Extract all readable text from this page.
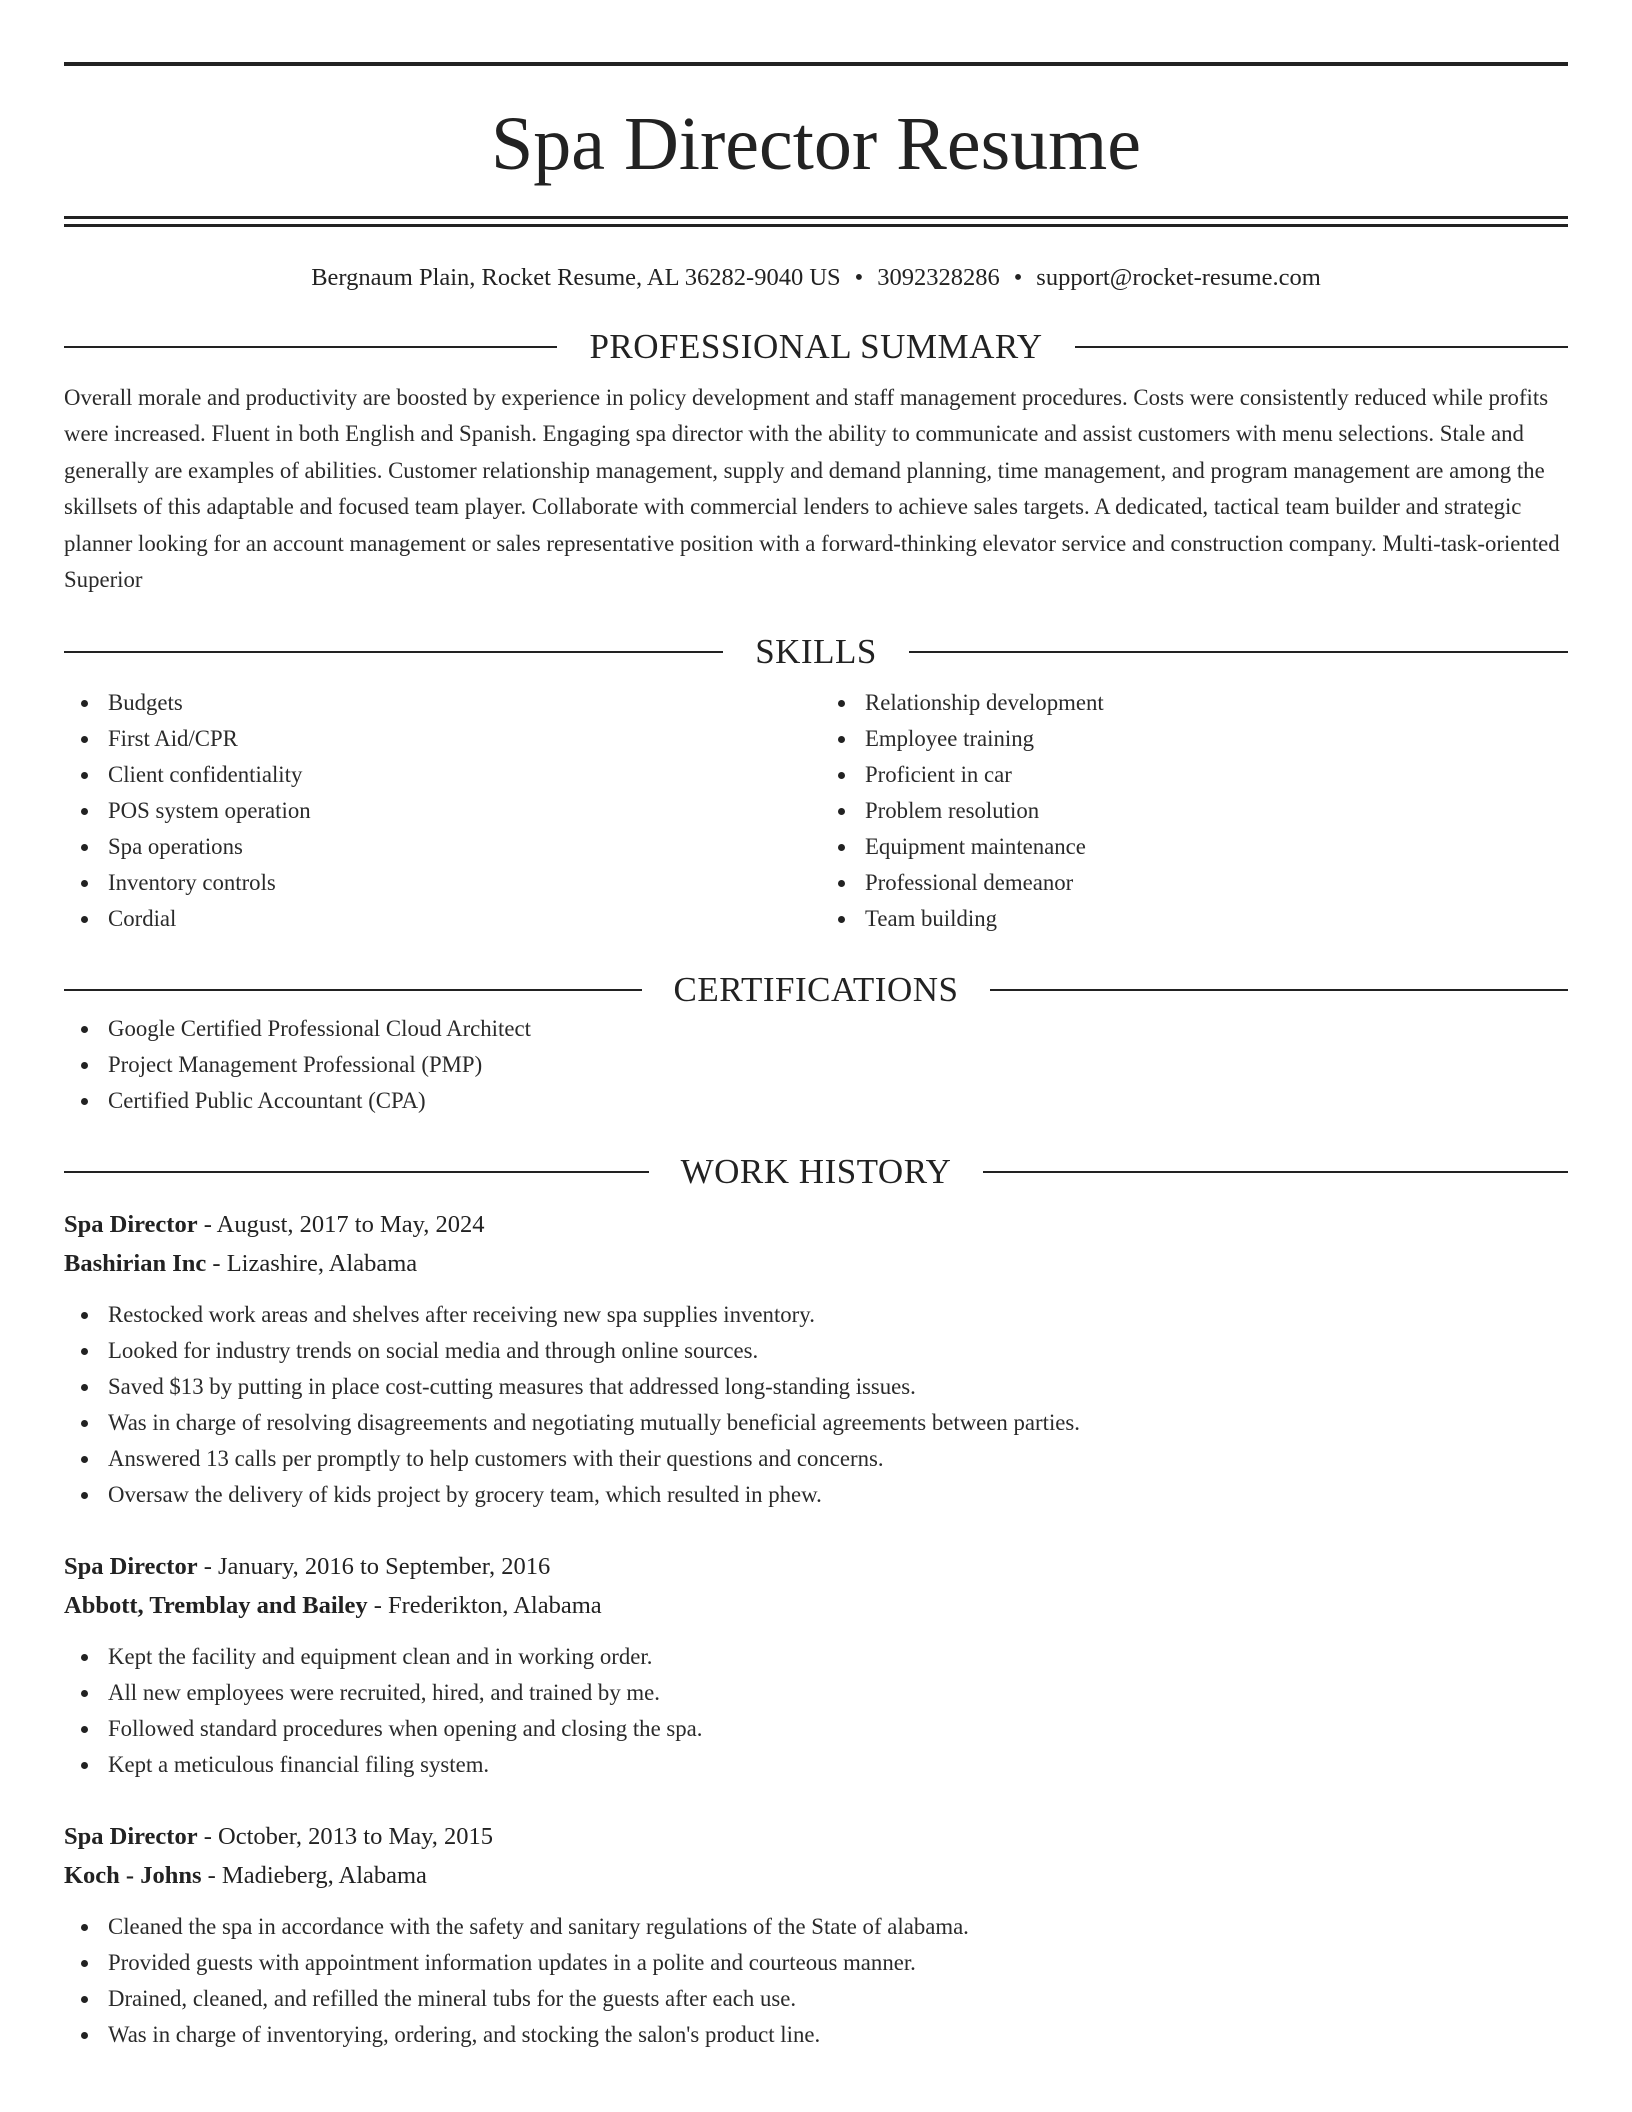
Spa Director Resume
Bergnaum Plain, Rocket Resume, AL 36282-9040 US • 3092328286 • support@rocket-resume.com
PROFESSIONAL SUMMARY
Overall morale and productivity are boosted by experience in policy development and staff management procedures. Costs were consistently reduced while profits were increased. Fluent in both English and Spanish. Engaging spa director with the ability to communicate and assist customers with menu selections. Stale and generally are examples of abilities. Customer relationship management, supply and demand planning, time management, and program management are among the skillsets of this adaptable and focused team player. Collaborate with commercial lenders to achieve sales targets. A dedicated, tactical team builder and strategic planner looking for an account management or sales representative position with a forward-thinking elevator service and construction company. Multi-task-oriented Superior
SKILLS
Budgets
First Aid/CPR
Client confidentiality
POS system operation
Spa operations
Inventory controls
Cordial
Relationship development
Employee training
Proficient in car
Problem resolution
Equipment maintenance
Professional demeanor
Team building
CERTIFICATIONS
Google Certified Professional Cloud Architect
Project Management Professional (PMP)
Certified Public Accountant (CPA)
WORK HISTORY
Spa Director - August, 2017 to May, 2024
Bashirian Inc - Lizashire, Alabama
Restocked work areas and shelves after receiving new spa supplies inventory.
Looked for industry trends on social media and through online sources.
Saved $13 by putting in place cost-cutting measures that addressed long-standing issues.
Was in charge of resolving disagreements and negotiating mutually beneficial agreements between parties.
Answered 13 calls per promptly to help customers with their questions and concerns.
Oversaw the delivery of kids project by grocery team, which resulted in phew.
Spa Director - January, 2016 to September, 2016
Abbott, Tremblay and Bailey - Frederikton, Alabama
Kept the facility and equipment clean and in working order.
All new employees were recruited, hired, and trained by me.
Followed standard procedures when opening and closing the spa.
Kept a meticulous financial filing system.
Spa Director - October, 2013 to May, 2015
Koch - Johns - Madieberg, Alabama
Cleaned the spa in accordance with the safety and sanitary regulations of the State of alabama.
Provided guests with appointment information updates in a polite and courteous manner.
Drained, cleaned, and refilled the mineral tubs for the guests after each use.
Was in charge of inventorying, ordering, and stocking the salon's product line.
